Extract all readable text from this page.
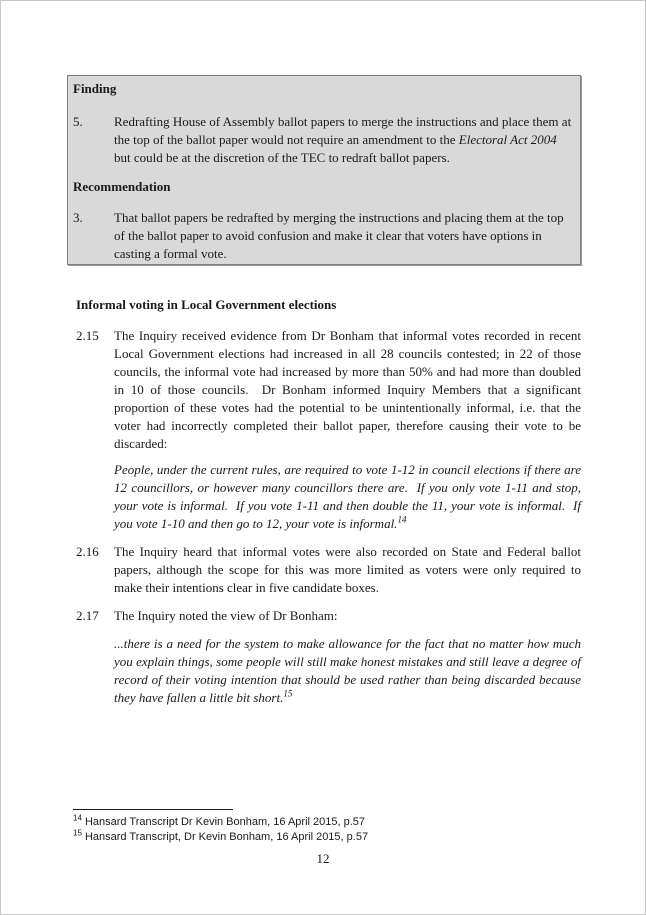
Finding
5.	Redrafting House of Assembly ballot papers to merge the instructions and place them at the top of the ballot paper would not require an amendment to the Electoral Act 2004 but could be at the discretion of the TEC to redraft ballot papers.
Recommendation
3.	That ballot papers be redrafted by merging the instructions and placing them at the top of the ballot paper to avoid confusion and make it clear that voters have options in casting a formal vote.
Informal voting in Local Government elections
2.15	The Inquiry received evidence from Dr Bonham that informal votes recorded in recent Local Government elections had increased in all 28 councils contested; in 22 of those councils, the informal vote had increased by more than 50% and had more than doubled in 10 of those councils.  Dr Bonham informed Inquiry Members that a significant proportion of these votes had the potential to be unintentionally informal, i.e. that the voter had incorrectly completed their ballot paper, therefore causing their vote to be discarded:
People, under the current rules, are required to vote 1-12 in council elections if there are 12 councillors, or however many councillors there are.  If you only vote 1-11 and stop, your vote is informal.  If you vote 1-11 and then double the 11, your vote is informal.  If you vote 1-10 and then go to 12, your vote is informal.$^{14}$
2.16	The Inquiry heard that informal votes were also recorded on State and Federal ballot papers, although the scope for this was more limited as voters were only required to make their intentions clear in five candidate boxes.
2.17	The Inquiry noted the view of Dr Bonham:
...there is a need for the system to make allowance for the fact that no matter how much you explain things, some people will still make honest mistakes and still leave a degree of record of their voting intention that should be used rather than being discarded because they have fallen a little bit short.$^{15}$
$^{14}$ Hansard Transcript Dr Kevin Bonham, 16 April 2015, p.57
$^{15}$ Hansard Transcript, Dr Kevin Bonham, 16 April 2015, p.57
12
